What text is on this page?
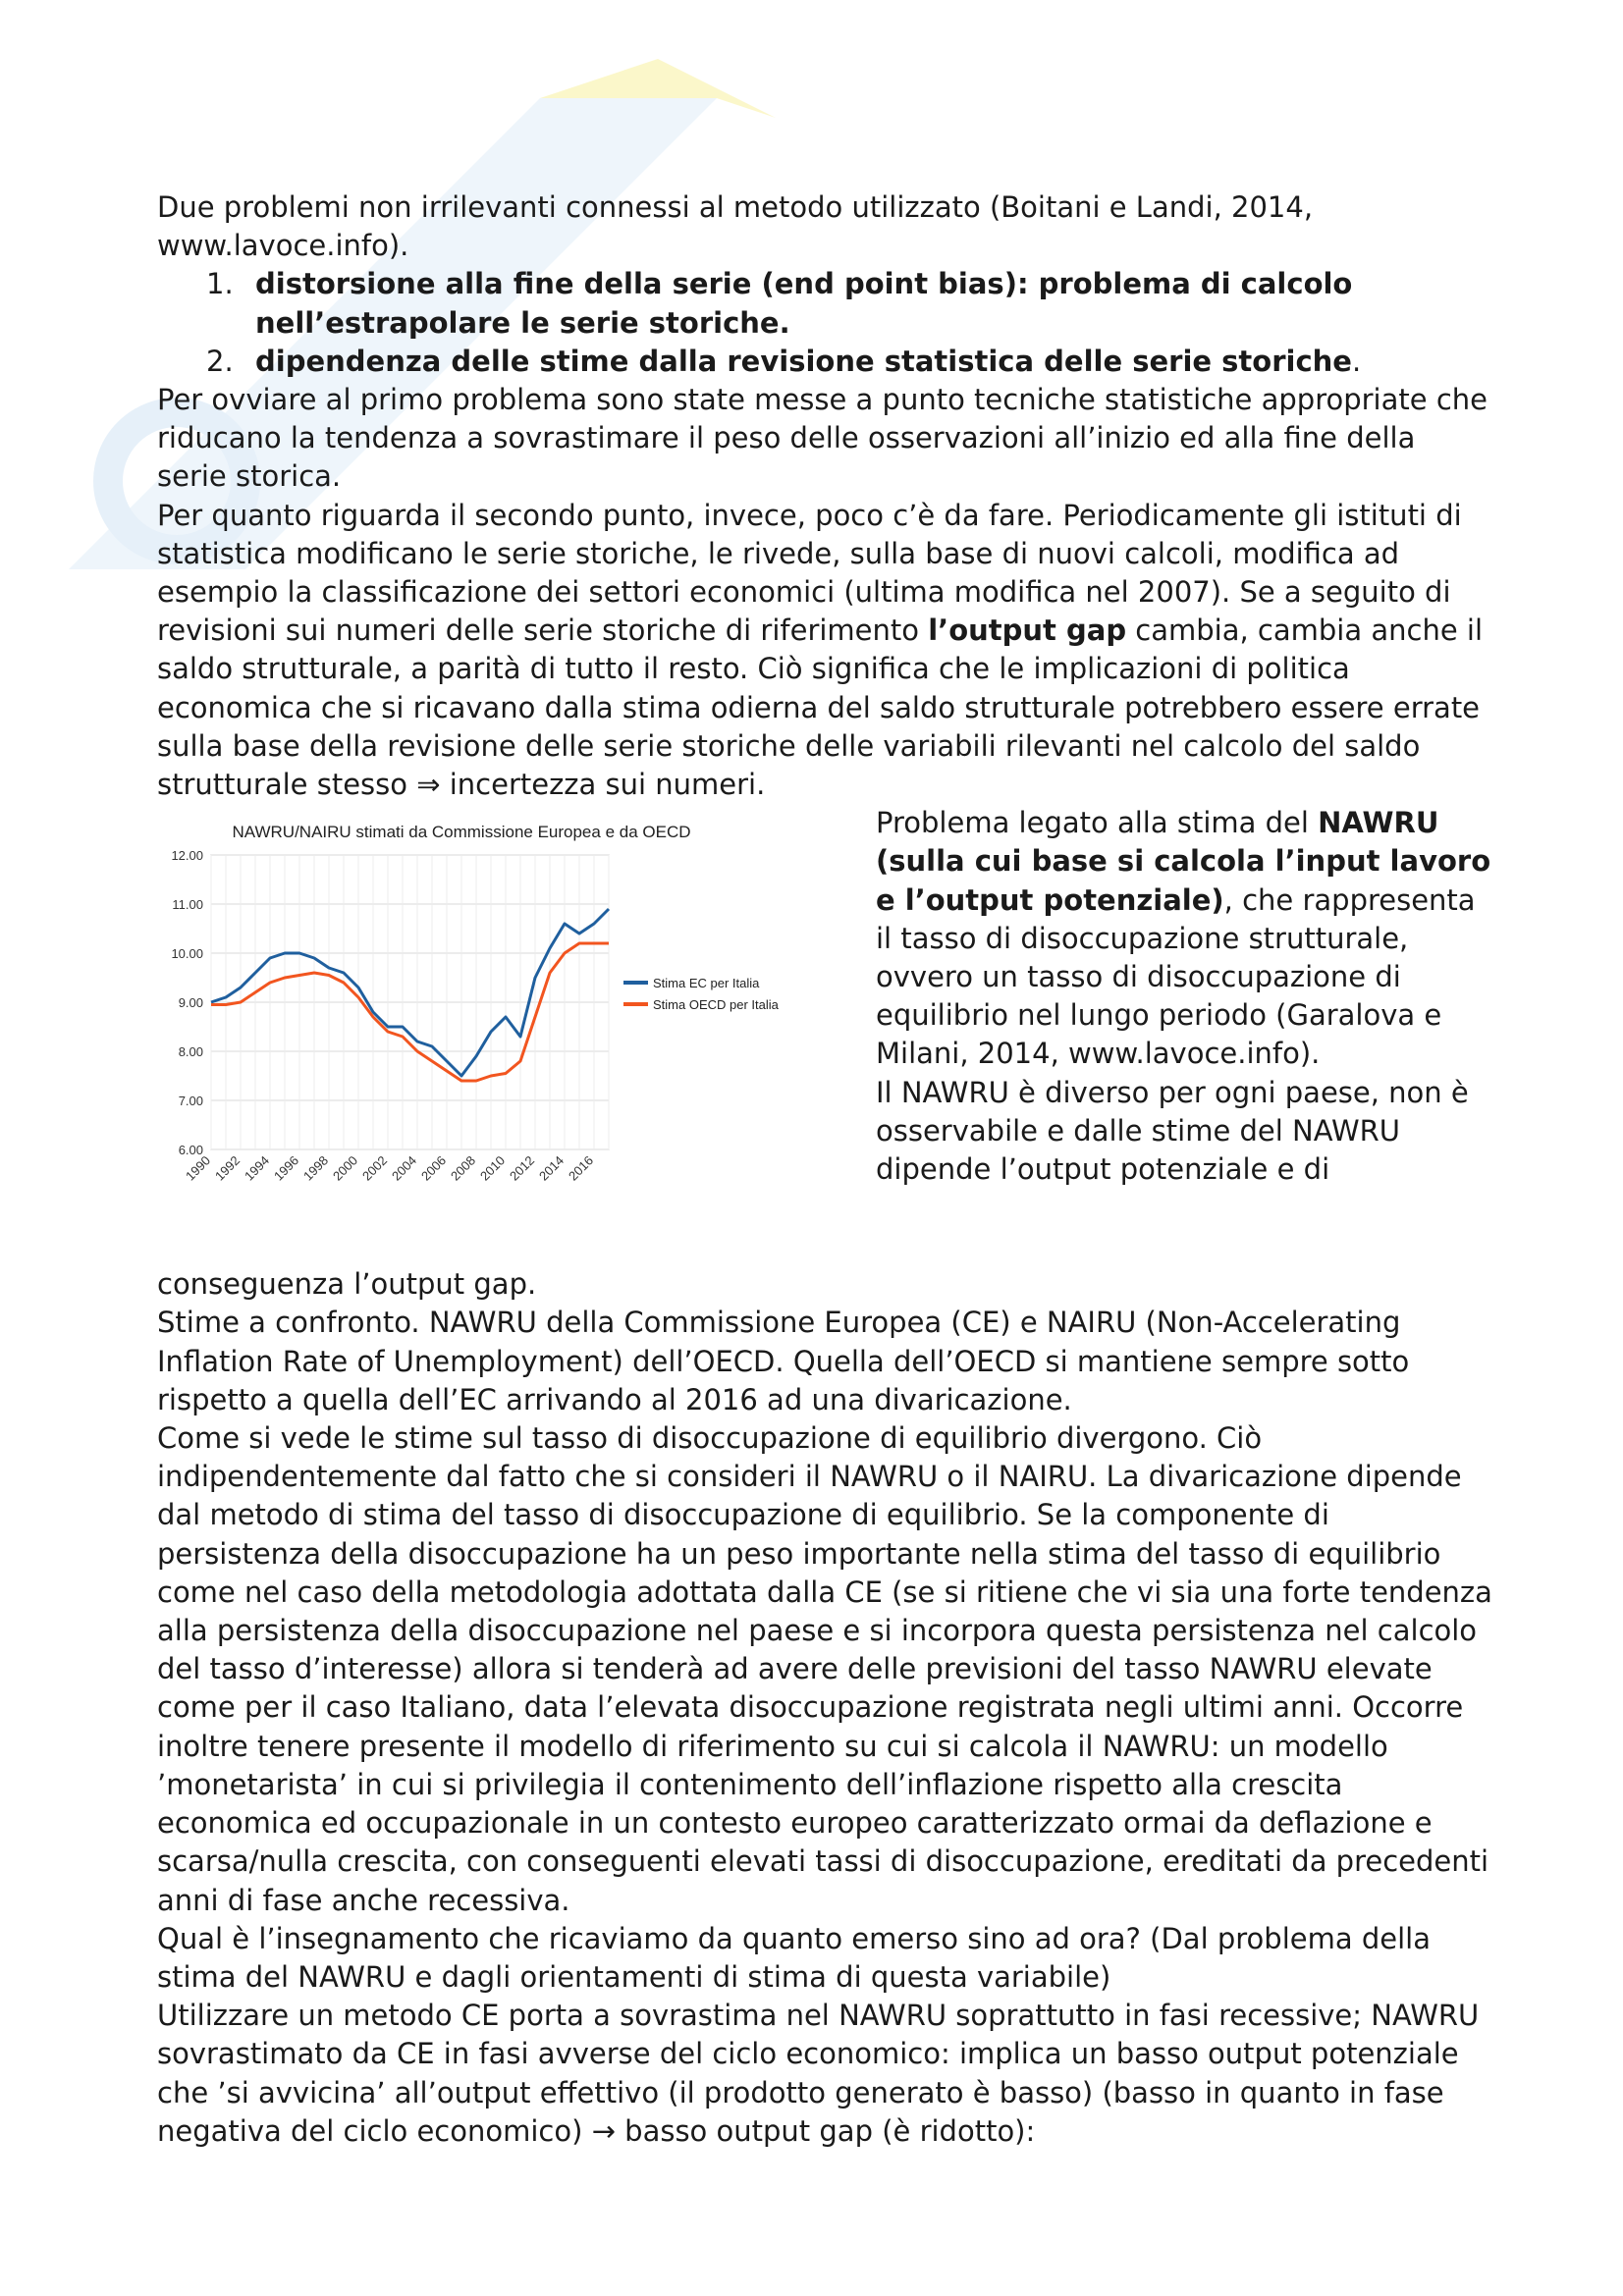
Due problemi non irrilevanti connessi al metodo utilizzato (Boitani e Landi, 2014, www.lavoce.info).

1. distorsione alla fine della serie (end point bias): problema di calcolo nell’estrapolare le serie storiche.
2. dipendenza delle stime dalla revisione statistica delle serie storiche.

Per ovviare al primo problema sono state messe a punto tecniche statistiche appropriate che riducano la tendenza a sovrastimare il peso delle osservazioni all’inizio ed alla fine della serie storica.

Per quanto riguarda il secondo punto, invece, poco c’è da fare. Periodicamente gli istituti di statistica modificano le serie storiche, le rivede, sulla base di nuovi calcoli, modifica ad esempio la classificazione dei settori economici (ultima modifica nel 2007). Se a seguito di revisioni sui numeri delle serie storiche di riferimento l’output gap cambia, cambia anche il saldo strutturale, a parità di tutto il resto. Ciò significa che le implicazioni di politica economica che si ricavano dalla stima odierna del saldo strutturale potrebbero essere errate sulla base della revisione delle serie storiche delle variabili rilevanti nel calcolo del saldo strutturale stesso ⇒ incertezza sui numeri.

NAWRU/NAIRU stimati da Commissione Europea e da OECD
6.00
7.00
8.00
9.00
10.00
11.00
12.00
1990
1992
1994
1996
1998
2000
2002
2004
2006
2008
2010
2012
2014
2016
Stima EC per Italia
Stima OECD per Italia

Problema legato alla stima del NAWRU (sulla cui base si calcola l’input lavoro e l’output potenziale), che rappresenta il tasso di disoccupazione strutturale, ovvero un tasso di disoccupazione di equilibrio nel lungo periodo (Garalova e Milani, 2014, www.lavoce.info).

Il NAWRU è diverso per ogni paese, non è osservabile e dalle stime del NAWRU dipende l’output potenziale e di

conseguenza l’output gap.

Stime a confronto. NAWRU della Commissione Europea (CE) e NAIRU (Non-Accelerating Inflation Rate of Unemployment) dell’OECD. Quella dell’OECD si mantiene sempre sotto rispetto a quella dell’EC arrivando al 2016 ad una divaricazione.

Come si vede le stime sul tasso di disoccupazione di equilibrio divergono. Ciò indipendentemente dal fatto che si consideri il NAWRU o il NAIRU. La divaricazione dipende dal metodo di stima del tasso di disoccupazione di equilibrio. Se la componente di persistenza della disoccupazione ha un peso importante nella stima del tasso di equilibrio come nel caso della metodologia adottata dalla CE (se si ritiene che vi sia una forte tendenza alla persistenza della disoccupazione nel paese e si incorpora questa persistenza nel calcolo del tasso d’interesse) allora si tenderà ad avere delle previsioni del tasso NAWRU elevate come per il caso Italiano, data l’elevata disoccupazione registrata negli ultimi anni. Occorre inoltre tenere presente il modello di riferimento su cui si calcola il NAWRU: un modello ’monetarista’ in cui si privilegia il contenimento dell’inflazione rispetto alla crescita economica ed occupazionale in un contesto europeo caratterizzato ormai da deflazione e scarsa/nulla crescita, con conseguenti elevati tassi di disoccupazione, ereditati da precedenti anni di fase anche recessiva.

Qual è l’insegnamento che ricaviamo da quanto emerso sino ad ora? (Dal problema della stima del NAWRU e dagli orientamenti di stima di questa variabile)

Utilizzare un metodo CE porta a sovrastima nel NAWRU soprattutto in fasi recessive; NAWRU sovrastimato da CE in fasi avverse del ciclo economico: implica un basso output potenziale che ’si avvicina’ all’output effettivo (il prodotto generato è basso) (basso in quanto in fase negativa del ciclo economico) → basso output gap (è ridotto):
